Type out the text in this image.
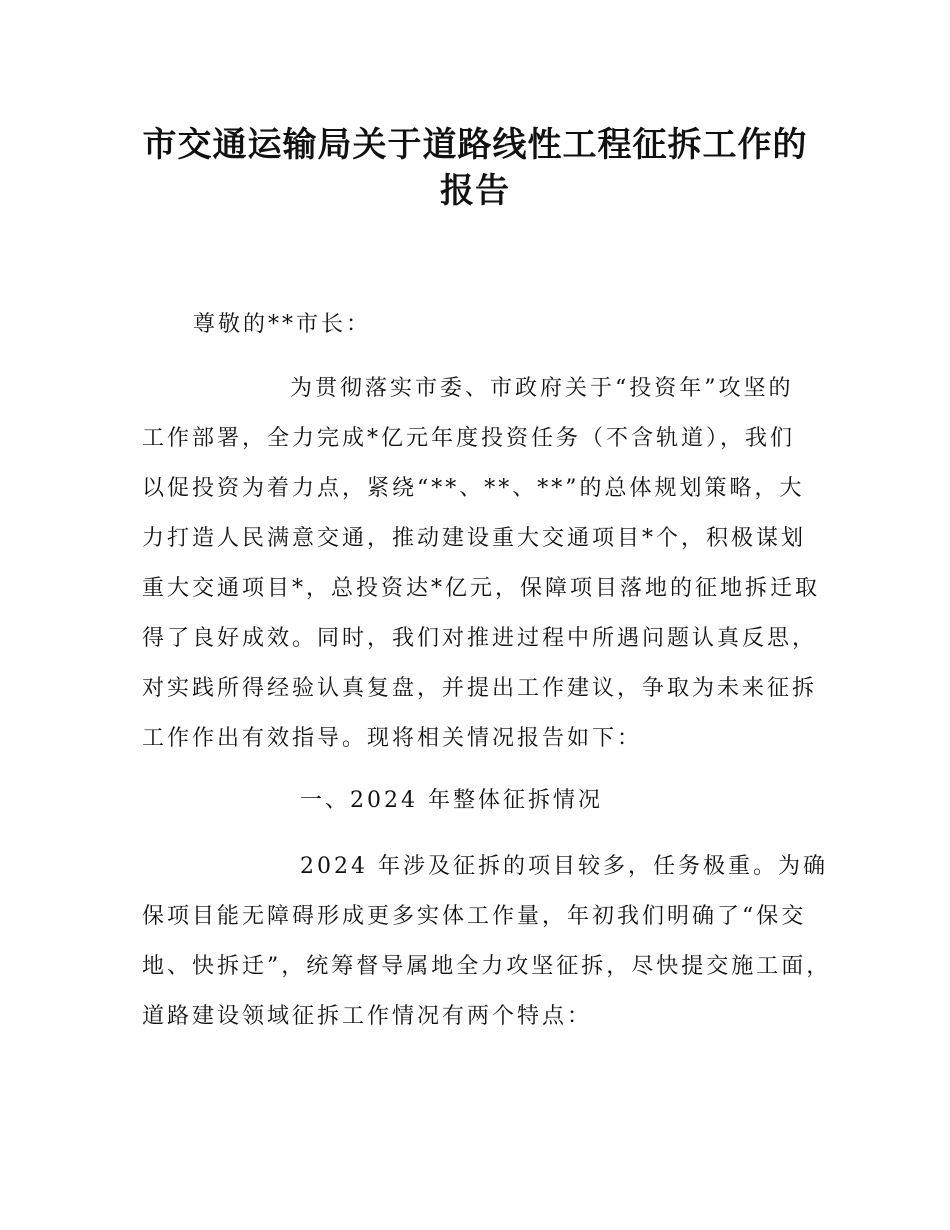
市交通运输局关于道路线性工程征拆工作的
报告
尊敬的**市长：
为贯彻落实市委、市政府关于“投资年”攻坚的
工作部署，全力完成*亿元年度投资任务（不含轨道），我们
以促投资为着力点，紧绕“**、**、**”的总体规划策略，大
力打造人民满意交通，推动建设重大交通项目*个，积极谋划
重大交通项目*，总投资达*亿元，保障项目落地的征地拆迁取
得了良好成效。同时，我们对推进过程中所遇问题认真反思，
对实践所得经验认真复盘，并提出工作建议，争取为未来征拆
工作作出有效指导。现将相关情况报告如下：
一、2024 年整体征拆情况
2024 年涉及征拆的项目较多，任务极重。为确
保项目能无障碍形成更多实体工作量，年初我们明确了“保交
地、快拆迁”，统筹督导属地全力攻坚征拆，尽快提交施工面，
道路建设领域征拆工作情况有两个特点：
